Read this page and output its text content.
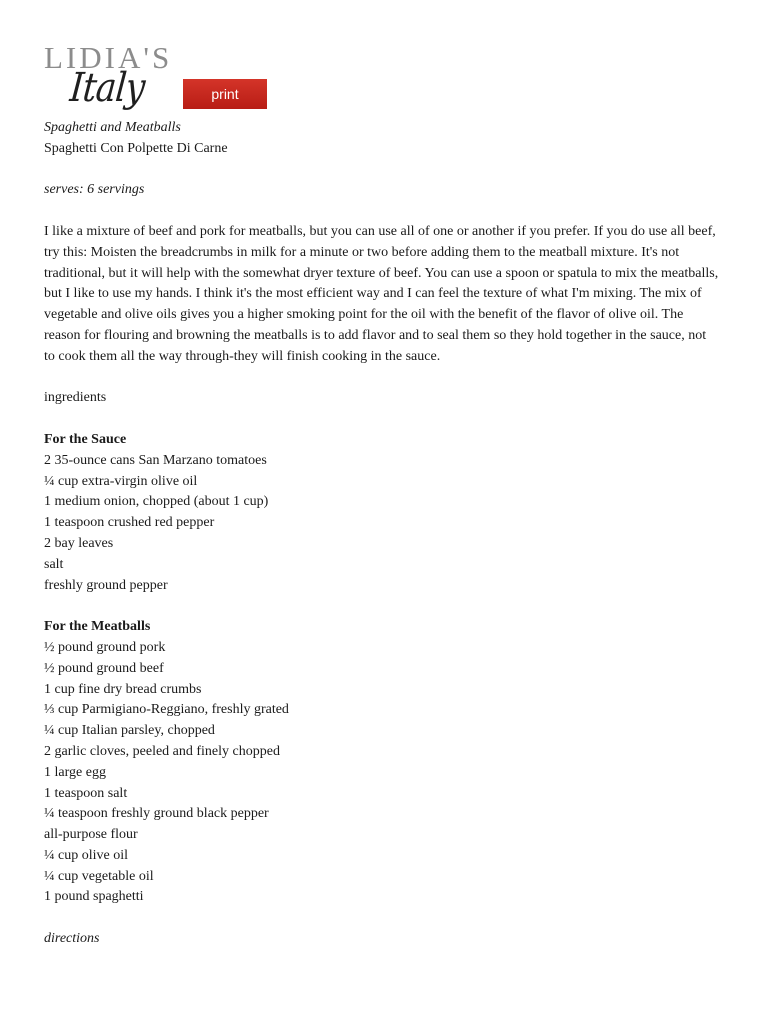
LIDIA'S
Italy	print

Spaghetti and Meatballs

Spaghetti Con Polpette Di Carne

serves: 6 servings

I like a mixture of beef and pork for meatballs, but you can use all of one or another if you prefer. If you do use all beef, try this: Moisten the breadcrumbs in milk for a minute or two before adding them to the meatball mixture. It's not traditional, but it will help with the somewhat dryer texture of beef. You can use a spoon or spatula to mix the meatballs, but I like to use my hands. I think it's the most efficient way and I can feel the texture of what I'm mixing. The mix of vegetable and olive oils gives you a higher smoking point for the oil with the benefit of the flavor of olive oil. The reason for flouring and browning the meatballs is to add flavor and to seal them so they hold together in the sauce, not to cook them all the way through-they will finish cooking in the sauce.

ingredients

For the Sauce

2 35-ounce cans San Marzano tomatoes
¼ cup extra-virgin olive oil
1 medium onion, chopped (about 1 cup)
1 teaspoon crushed red pepper
2 bay leaves
salt
freshly ground pepper

For the Meatballs

½ pound ground pork
½ pound ground beef
1 cup fine dry bread crumbs
⅓ cup Parmigiano-Reggiano, freshly grated
¼ cup Italian parsley, chopped
2 garlic cloves, peeled and finely chopped
1 large egg
1 teaspoon salt
¼ teaspoon freshly ground black pepper
all-purpose flour
¼ cup olive oil
¼ cup vegetable oil
1 pound spaghetti

directions
